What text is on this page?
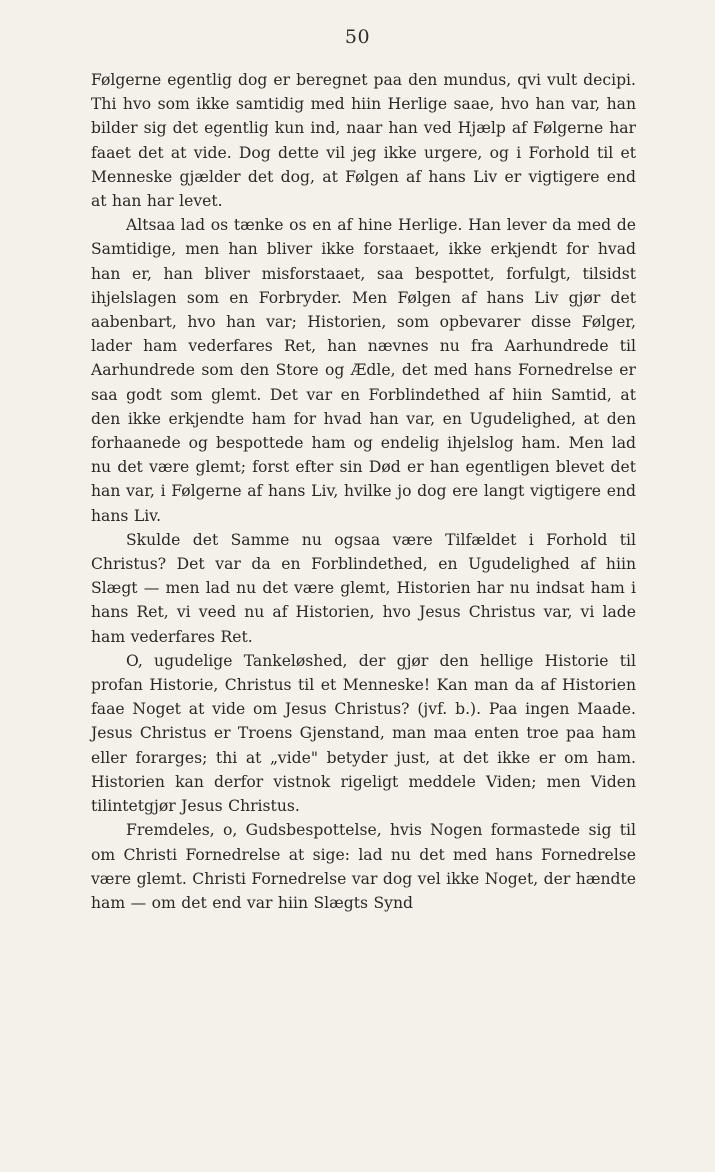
50

Følgerne egentlig dog er beregnet paa den mundus, qvi vult decipi. Thi hvo som ikke samtidig med hiin Herlige saae, hvo han var, han bilder sig det egentlig kun ind, naar han ved Hjælp af Følgerne har faaet det at vide. Dog dette vil jeg ikke urgere, og i Forhold til et Menneske gjælder det dog, at Følgen af hans Liv er vigtigere end at han har levet.

Altsaa lad os tænke os en af hine Herlige. Han lever da med de Samtidige, men han bliver ikke forstaaet, ikke erkjendt for hvad han er, han bliver misforstaaet, saa bespottet, forfulgt, tilsidst ihjelslagen som en Forbryder. Men Følgen af hans Liv gjør det aabenbart, hvo han var; Historien, som opbevarer disse Følger, lader ham vederfares Ret, han nævnes nu fra Aarhundrede til Aarhundrede som den Store og Ædle, det med hans Fornedrelse er saa godt som glemt. Det var en Forblindethed af hiin Samtid, at den ikke erkjendte ham for hvad han var, en Ugudelighed, at den forhaanede og bespottede ham og endelig ihjelslog ham. Men lad nu det være glemt; forst efter sin Død er han egentligen blevet det han var, i Følgerne af hans Liv, hvilke jo dog ere langt vigtigere end hans Liv.

Skulde det Samme nu ogsaa være Tilfældet i Forhold til Christus? Det var da en Forblindethed, en Ugudelighed af hiin Slægt — men lad nu det være glemt, Historien har nu indsat ham i hans Ret, vi veed nu af Historien, hvo Jesus Christus var, vi lade ham vederfares Ret.

O, ugudelige Tankeløshed, der gjør den hellige Historie til profan Historie, Christus til et Menneske! Kan man da af Historien faae Noget at vide om Jesus Christus? (jvf. b.). Paa ingen Maade. Jesus Christus er Troens Gjenstand, man maa enten troe paa ham eller forarges; thi at „vide" betyder just, at det ikke er om ham. Historien kan derfor vistnok rigeligt meddele Viden; men Viden tilintetgjør Jesus Christus.

Fremdeles, o, Gudsbespottelse, hvis Nogen formastede sig til om Christi Fornedrelse at sige: lad nu det med hans Fornedrelse være glemt. Christi Fornedrelse var dog vel ikke Noget, der hændte ham — om det end var hiin Slægts Synd
